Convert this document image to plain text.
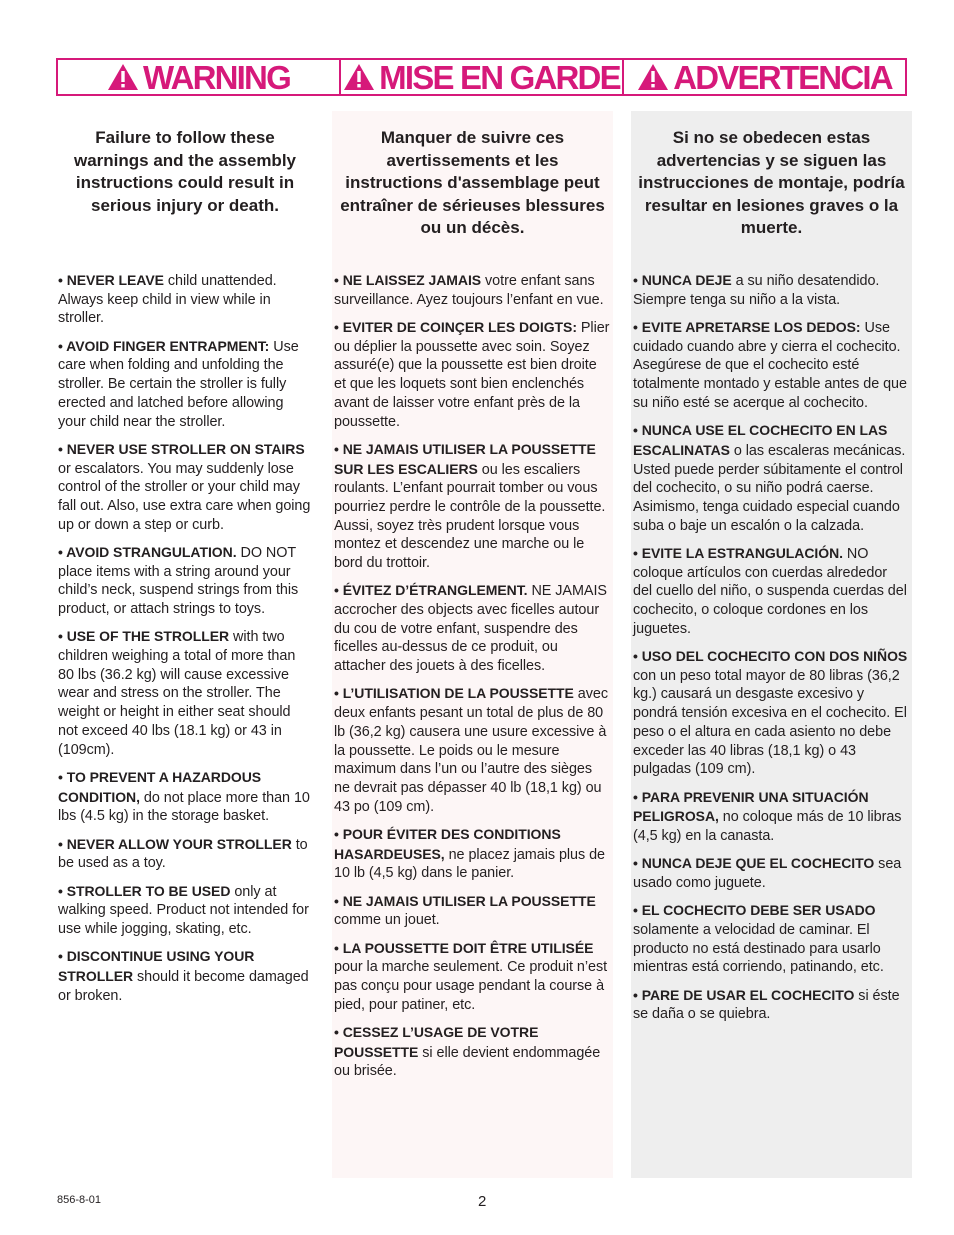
WARNING	MISE EN GARDE ADVERTENCIA
Failure to follow these warnings and the assembly instructions could result in serious injury or death.

• NEVER LEAVE child unattended. Always keep child in view while in stroller.

• AVOID FINGER ENTRAPMENT: Use care when folding and unfolding the stroller. Be certain the stroller is fully erected and latched before allowing your child near the stroller.

• NEVER USE STROLLER ON STAIRS or escalators. You may suddenly lose control of the stroller or your child may fall out. Also, use extra care when going up or down a step or curb.

• AVOID STRANGULATION. DO NOT place items with a string around your child’s neck, suspend strings from this product, or attach strings to toys.

• USE OF THE STROLLER with two children weighing a total of more than 80 lbs (36.2 kg) will cause excessive wear and stress on the stroller. The weight or height in either seat should not exceed 40 lbs (18.1 kg) or 43 in (109cm).

• TO PREVENT A HAZARDOUS CONDITION, do not place more than 10 lbs (4.5 kg) in the storage basket.

• NEVER ALLOW YOUR STROLLER to be used as a toy.

• STROLLER TO BE USED only at walking speed. Product not intended for use while jogging, skating, etc.

• DISCONTINUE USING YOUR STROLLER should it become damaged or broken.

Manquer de suivre ces avertissements et les instructions d'assemblage peut entraîner de sérieuses blessures ou un décès.

• NE LAISSEZ JAMAIS votre enfant sans surveillance. Ayez toujours l’enfant en vue.

• EVITER DE COINÇER LES DOIGTS: Plier ou déplier la poussette avec soin. Soyez assuré(e) que la poussette est bien droite et que les loquets sont bien enclenchés avant de laisser votre enfant près de la poussette.

• NE JAMAIS UTILISER LA POUSSETTE SUR LES ESCALIERS ou les escaliers roulants. L’enfant pourrait tomber ou vous pourriez perdre le contrôle de la poussette. Aussi, soyez très prudent lorsque vous montez et descendez une marche ou le bord du trottoir.

• ÉVITEZ D’ÉTRANGLEMENT. NE JAMAIS accrocher des objects avec ficelles autour du cou de votre enfant, suspendre des ficelles au-dessus de ce produit, ou attacher des jouets à des ficelles.

• L’UTILISATION DE LA POUSSETTE avec deux enfants pesant un total de plus de 80 lb (36,2 kg) causera une usure excessive à la poussette. Le poids ou le mesure maximum dans l’un ou l’autre des sièges ne devrait pas dépasser 40 lb (18,1 kg) ou 43 po (109 cm).

• POUR ÉVITER DES CONDITIONS HASARDEUSES, ne placez jamais plus de 10 lb (4,5 kg) dans le panier.

• NE JAMAIS UTILISER LA POUSSETTE comme un jouet.

• LA POUSSETTE DOIT ÊTRE UTILISÉE pour la marche seulement. Ce produit n’est pas conçu pour usage pendant la course à pied, pour patiner, etc.

• CESSEZ L’USAGE DE VOTRE POUSSETTE si elle devient endommagée ou brisée.

Si no se obedecen estas advertencias y se siguen las instrucciones de montaje, podría resultar en lesiones graves o la muerte.

• NUNCA DEJE a su niño desatendido. Siempre tenga su niño a la vista.

• EVITE APRETARSE LOS DEDOS: Use cuidado cuando abre y cierra el cochecito. Asegúrese de que el cochecito esté totalmente montado y estable antes de que su niño esté se acerque al cochecito.

• NUNCA USE EL COCHECITO EN LAS ESCALINATAS o las escaleras mecánicas. Usted puede perder súbitamente el control del cochecito, o su niño podrá caerse. Asimismo, tenga cuidado especial cuando suba o baje un escalón o la calzada.

• EVITE LA ESTRANGULACIÓN. NO coloque artículos con cuerdas alrededor del cuello del niño, o suspenda cuerdas del cochecito, o coloque cordones en los juguetes.

• USO DEL COCHECITO CON DOS NIÑOS con un peso total mayor de 80 libras (36,2 kg.) causará un desgaste excesivo y pondrá tensión excesiva en el cochecito. El peso o el altura en cada asiento no debe exceder las 40 libras (18,1 kg) o 43 pulgadas (109 cm).

• PARA PREVENIR UNA SITUACIÓN PELIGROSA, no coloque más de 10 libras (4,5 kg) en la canasta.

• NUNCA DEJE QUE EL COCHECITO sea usado como juguete.

• EL COCHECITO DEBE SER USADO solamente a velocidad de caminar. El producto no está destinado para usarlo mientras está corriendo, patinando, etc.

• PARE DE USAR EL COCHECITO si éste se daña o se quiebra.

856-8-01	2
